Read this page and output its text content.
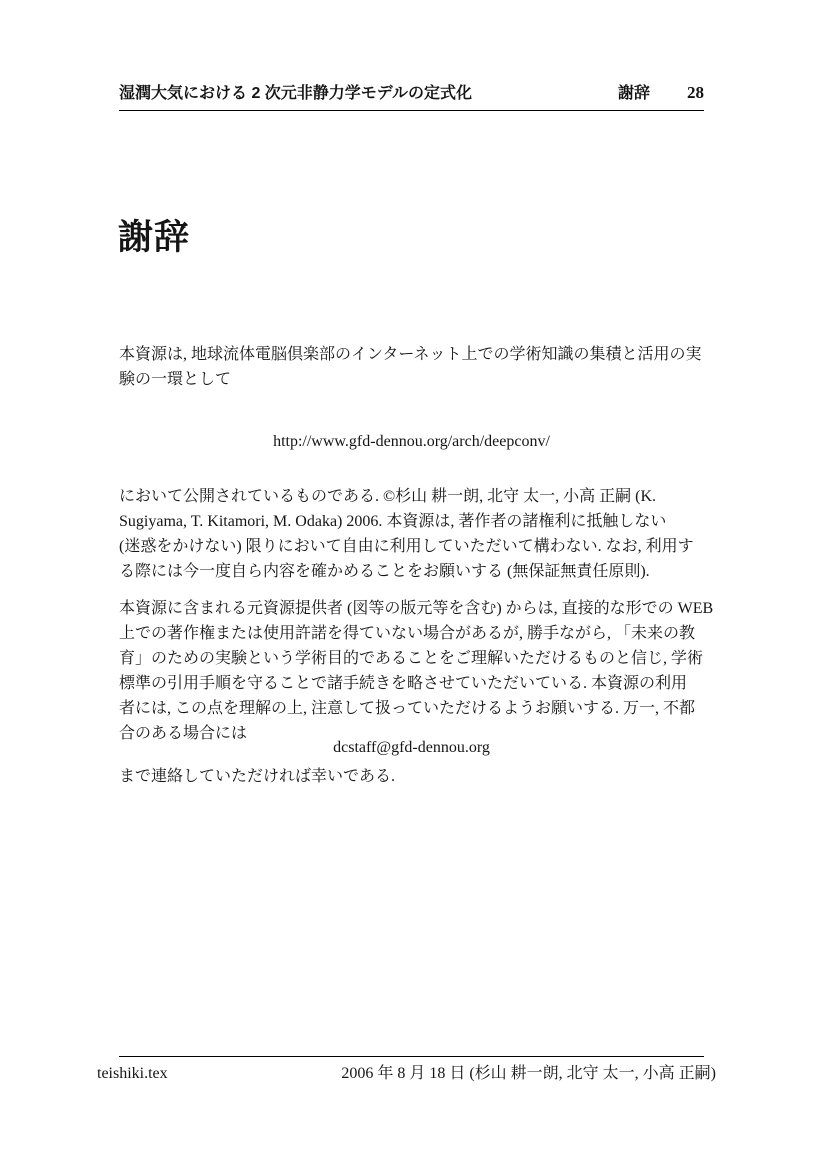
湿潤大気における 2 次元非静力学モデルの定式化	謝辞 28
謝辞
本資源は, 地球流体電脳倶楽部のインターネット上での学術知識の集積と活用の実
験の一環として
http://www.gfd-dennou.org/arch/deepconv/
において公開されているものである. ©杉山 耕一朗, 北守 太一, 小高 正嗣 (K.
Sugiyama, T. Kitamori, M. Odaka) 2006. 本資源は, 著作者の諸権利に抵触しない
(迷惑をかけない) 限りにおいて自由に利用していただいて構わない. なお, 利用す
る際には今一度自ら内容を確かめることをお願いする (無保証無責任原則).
本資源に含まれる元資源提供者 (図等の版元等を含む) からは, 直接的な形での WEB
上での著作権または使用許諾を得ていない場合があるが, 勝手ながら, 「未来の教
育」のための実験という学術目的であることをご理解いただけるものと信じ, 学術
標準の引用手順を守ることで諸手続きを略させていただいている. 本資源の利用
者には, この点を理解の上, 注意して扱っていただけるようお願いする. 万一, 不都
合のある場合には
dcstaff@gfd-dennou.org
まで連絡していただければ幸いである.
teishiki.tex	2006 年 8 月 18 日 (杉山 耕一朗, 北守 太一, 小高 正嗣)
